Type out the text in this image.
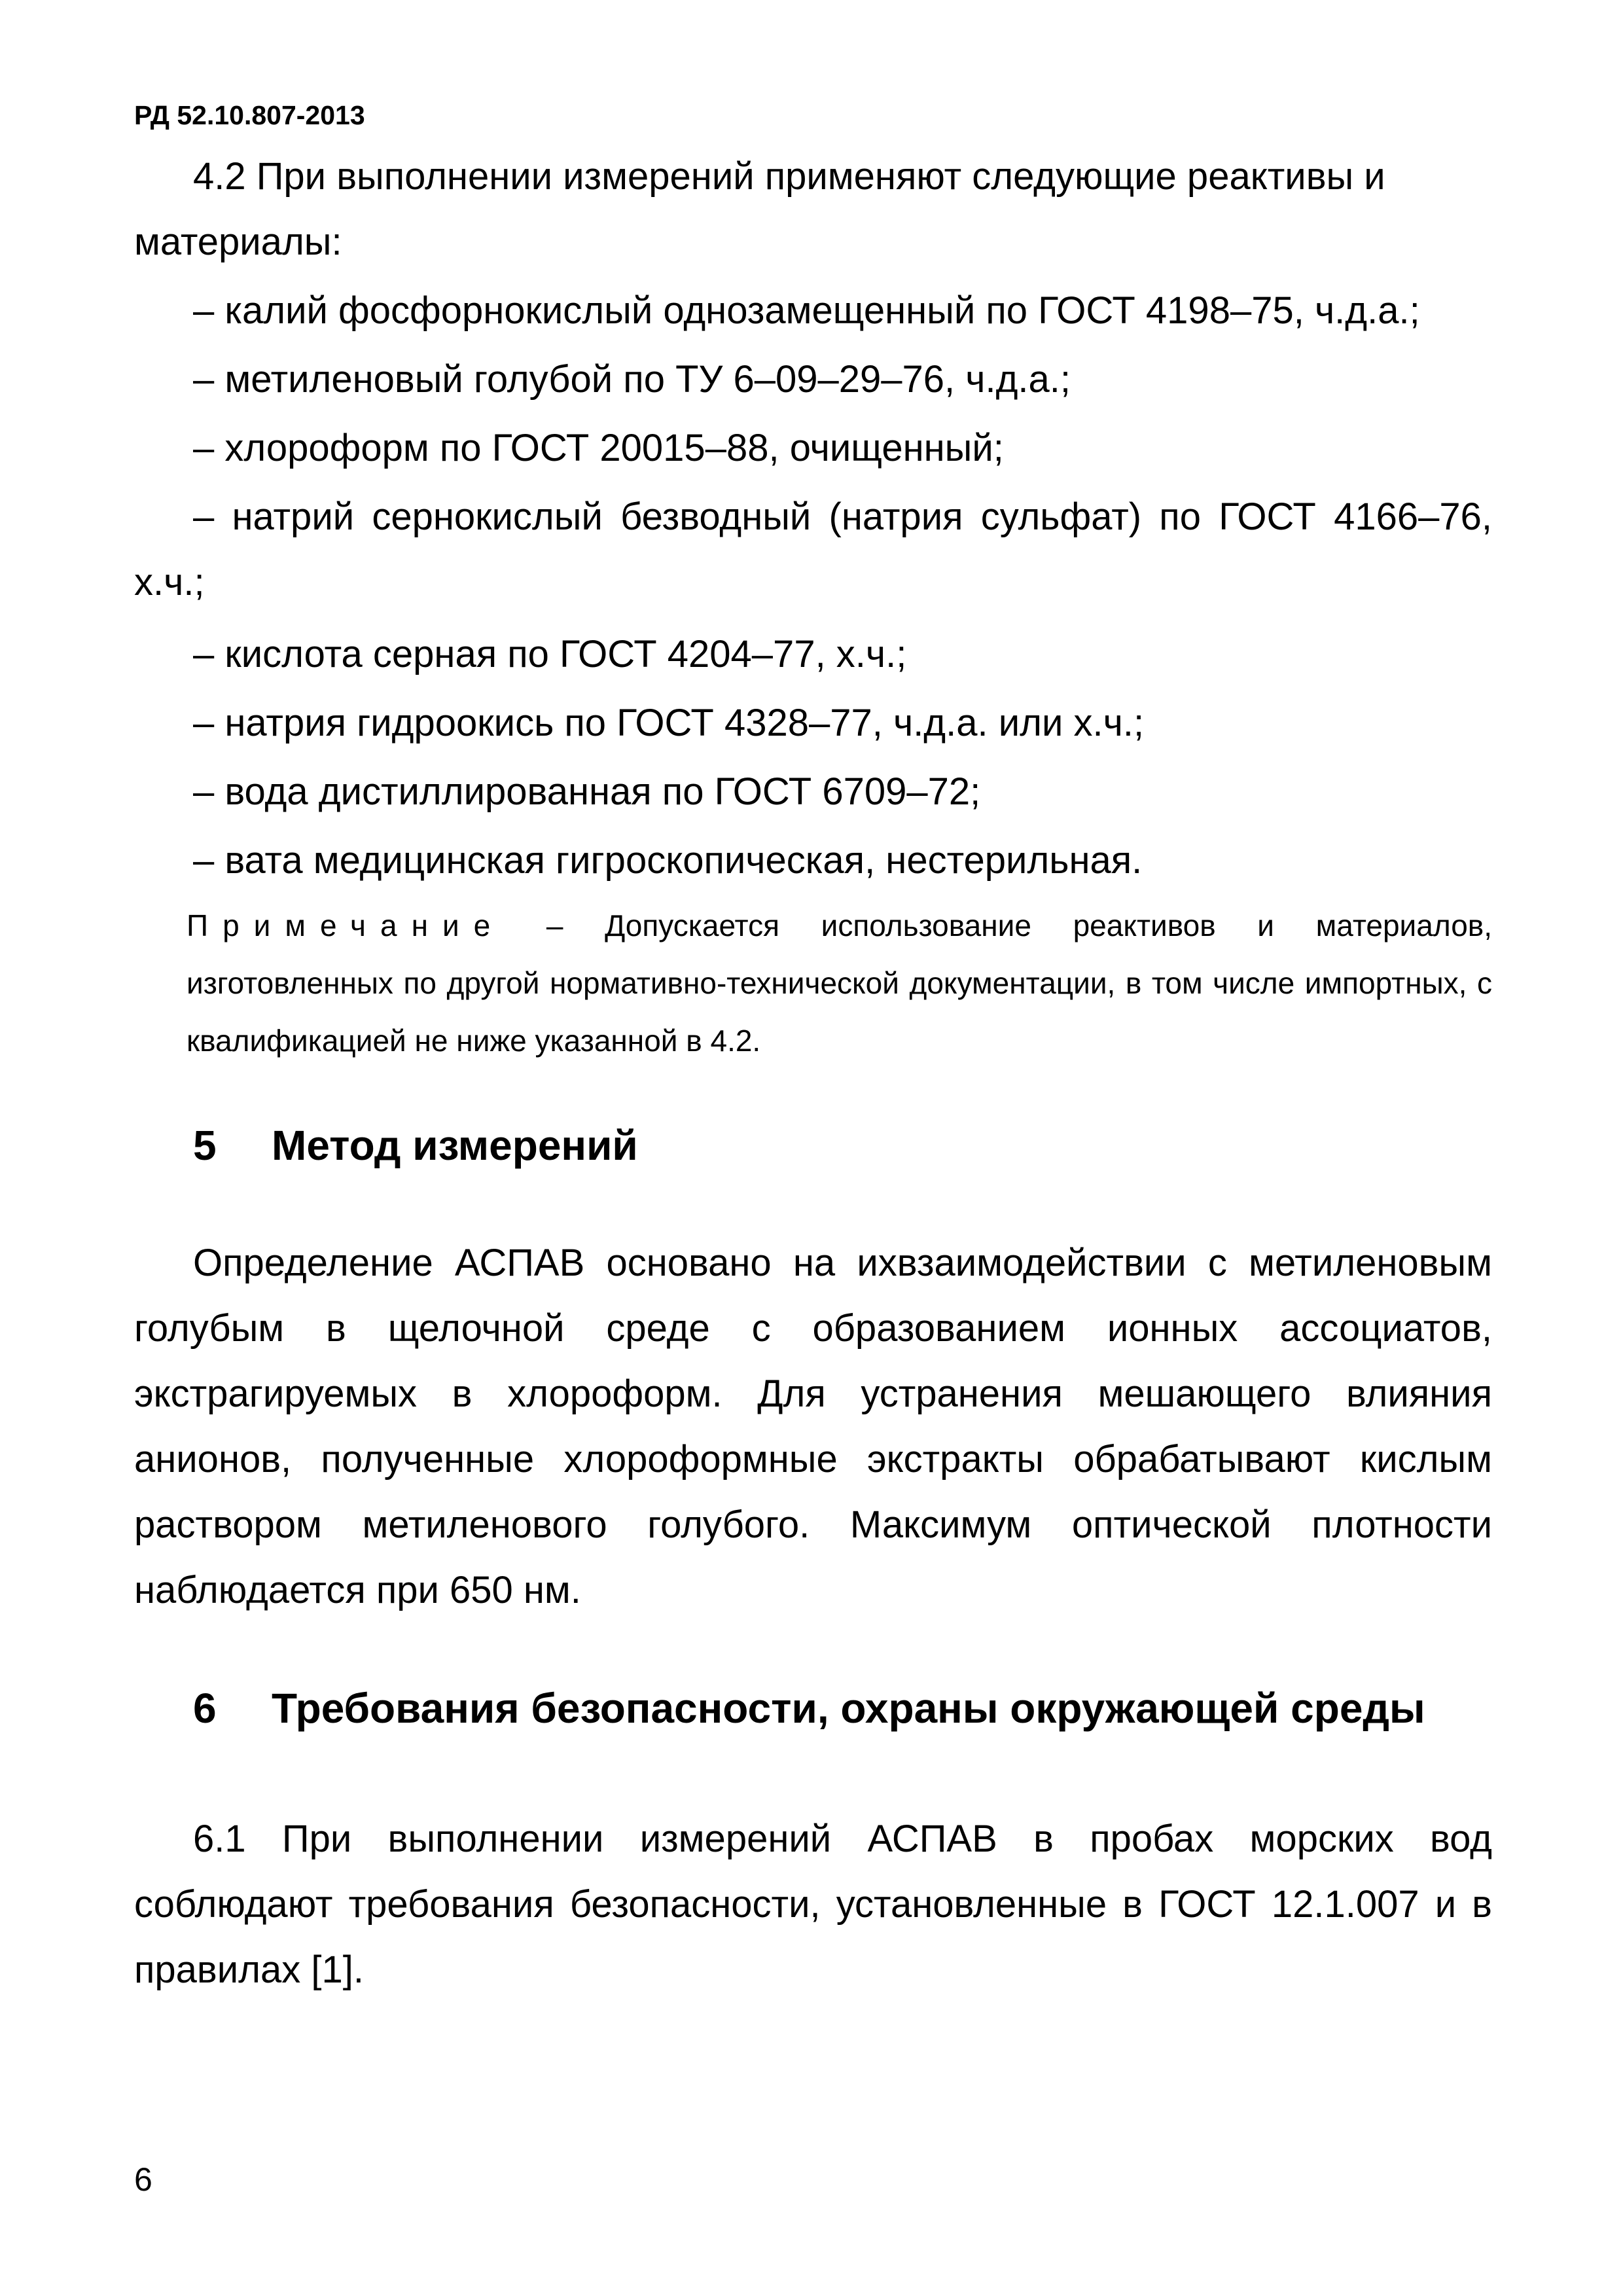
РД 52.10.807-2013
4.2 При выполнении измерений применяют следующие реактивы и
материалы:
– калий фосфорнокислый однозамещенный по ГОСТ 4198–75, ч.д.а.;
– метиленовый голубой по ТУ 6–09–29–76, ч.д.а.;
– хлороформ по ГОСТ 20015–88, очищенный;
– натрий сернокислый безводный (натрия сульфат) по ГОСТ 4166–76, х.ч.;
– кислота серная по ГОСТ 4204–77, х.ч.;
– натрия гидроокись по ГОСТ 4328–77, ч.д.а. или х.ч.;
– вода дистиллированная по ГОСТ 6709–72;
– вата медицинская гигроскопическая, нестерильная.
Примечание – Допускается использование реактивов и материалов, изготовленных по другой нормативно-технической документации, в том числе импортных, с квалификацией не ниже указанной в 4.2.
5 Метод измерений
Определение АСПАВ основано на ихвзаимодействии с метиленовым голубым в щелочной среде с образованием ионных ассоциатов, экстрагируемых в хлороформ. Для устранения мешающего влияния анионов, полученные хлороформные экстракты обрабатывают кислым раствором метиленового голубого. Максимум оптической плотности наблюдается при 650 нм.
6 Требования безопасности, охраны окружающей среды
6.1 При выполнении измерений АСПАВ в пробах морских вод соблюдают требования безопасности, установленные в ГОСТ 12.1.007 и в правилах [1].
6
